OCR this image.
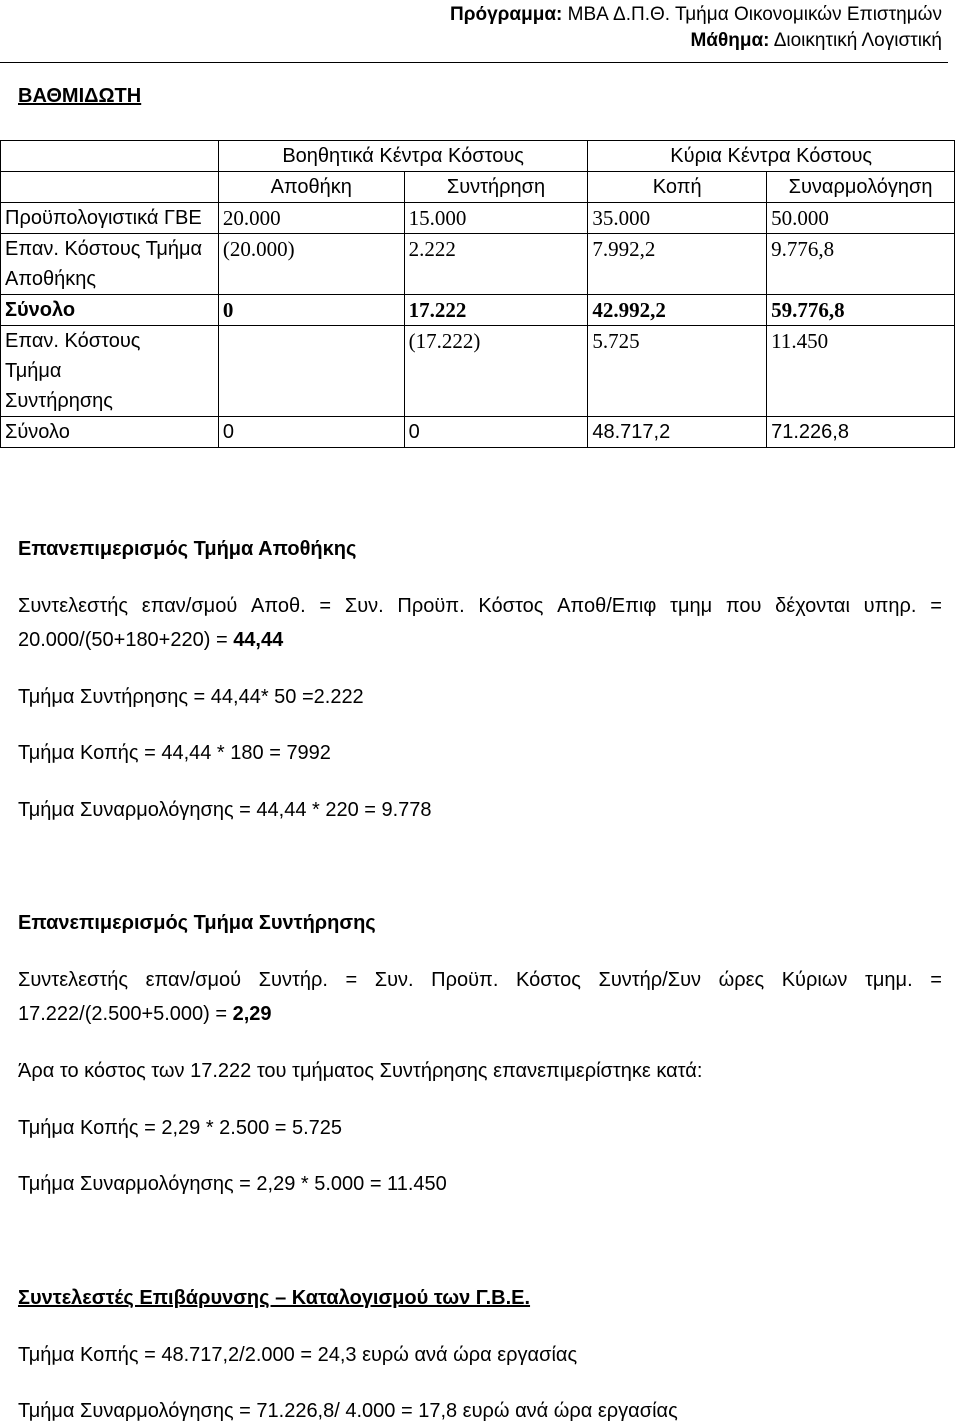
Πρόγραμμα: MBA Δ.Π.Θ. Τμήμα Οικονομικών Επιστημών
Μάθημα: Διοικητική Λογιστική
ΒΑΘΜΙΔΩΤΗ
	Βοηθητικά Κέντρα Κόστους		Κύρια Κέντρα Κόστους	
	Αποθήκη	Συντήρηση	Κοπή	Συναρμολόγηση
Προϋπολογιστικά ΓΒΕ	20.000	15.000	35.000	50.000
Επαν. Κόστους Τμήμα Αποθήκης	(20.000)	2.222	7.992,2	9.776,8
Σύνολο	0	17.222	42.992,2	59.776,8
Επαν. Κόστους Τμήμα Συντήρησης		(17.222)	5.725	11.450
Σύνολο	0	0	48.717,2	71.226,8
Επανεπιμερισμός Τμήμα Αποθήκης
Συντελεστής επαν/σμού Αποθ. = Συν. Προϋπ. Κόστος Αποθ/Επιφ τμημ που δέχονται υπηρ. =
20.000/(50+180+220) = 44,44
Τμήμα Συντήρησης = 44,44* 50 =2.222
Τμήμα Κοπής = 44,44 * 180 = 7992
Τμήμα Συναρμολόγησης = 44,44 * 220 = 9.778
Επανεπιμερισμός Τμήμα Συντήρησης
Συντελεστής επαν/σμού Συντήρ. = Συν. Προϋπ. Κόστος Συντήρ/Συν ώρες Κύριων τμημ. =
17.222/(2.500+5.000) = 2,29
Άρα το κόστος των 17.222 του τμήματος Συντήρησης επανεπιμερίστηκε κατά:
Τμήμα Κοπής = 2,29 * 2.500 = 5.725
Τμήμα Συναρμολόγησης = 2,29 * 5.000 = 11.450
Συντελεστές Επιβάρυνσης – Καταλογισμού των Γ.Β.Ε.
Τμήμα Κοπής = 48.717,2/2.000 = 24,3 ευρώ ανά ώρα εργασίας
Τμήμα Συναρμολόγησης = 71.226,8/ 4.000 = 17,8 ευρώ ανά ώρα εργασίας
